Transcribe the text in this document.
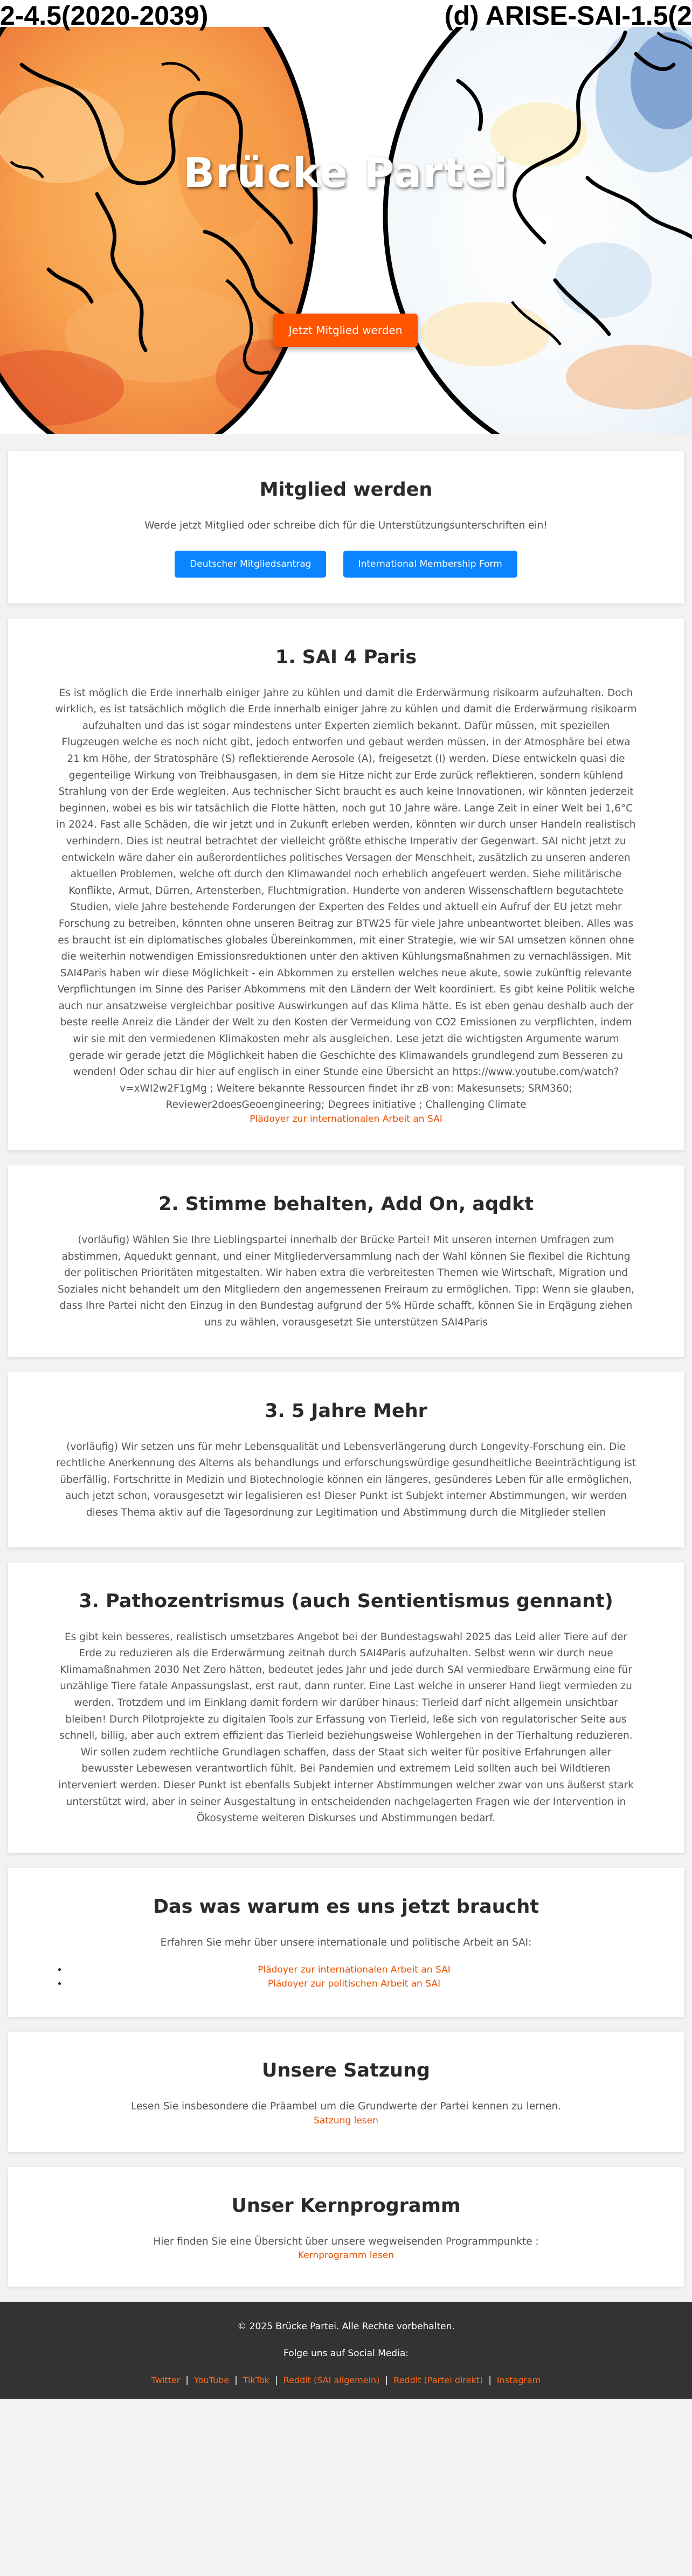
2-4.5(2020-2039)	(d) ARISE-SAI-1.5(2
Brücke Partei
Jetzt Mitglied werden
Mitglied werden

Werde jetzt Mitglied oder schreibe dich für die Unterstützungsunterschriften ein!

Deutscher Mitgliedsantrag	International Membership Form
1. SAI 4 Paris

Es ist möglich die Erde innerhalb einiger Jahre zu kühlen und damit die Erderwärmung risikoarm aufzuhalten. Doch wirklich, es ist tatsächlich möglich die Erde innerhalb einiger Jahre zu kühlen und damit die Erderwärmung risikoarm aufzuhalten und das ist sogar mindestens unter Experten ziemlich bekannt. Dafür müssen, mit speziellen Flugzeugen welche es noch nicht gibt, jedoch entworfen und gebaut werden müssen, in der Atmosphäre bei etwa 21 km Höhe, der Stratosphäre (S) reflektierende Aerosole (A), freigesetzt (I) werden. Diese entwickeln quasi die gegenteilige Wirkung von Treibhausgasen, in dem sie Hitze nicht zur Erde zurück reflektieren, sondern kühlend Strahlung von der Erde wegleiten. Aus technischer Sicht braucht es auch keine Innovationen, wir könnten jederzeit beginnen, wobei es bis wir tatsächlich die Flotte hätten, noch gut 10 Jahre wäre. Lange Zeit in einer Welt bei 1,6°C in 2024. Fast alle Schäden, die wir jetzt und in Zukunft erleben werden, könnten wir durch unser Handeln realistisch verhindern. Dies ist neutral betrachtet der vielleicht größte ethische Imperativ der Gegenwart. SAI nicht jetzt zu entwickeln wäre daher ein außerordentliches politisches Versagen der Menschheit, zusätzlich zu unseren anderen aktuellen Problemen, welche oft durch den Klimawandel noch erheblich angefeuert werden. Siehe militärische Konflikte, Armut, Dürren, Artensterben, Fluchtmigration. Hunderte von anderen Wissenschaftlern begutachtete Studien, viele Jahre bestehende Forderungen der Experten des Feldes und aktuell ein Aufruf der EU jetzt mehr Forschung zu betreiben, könnten ohne unseren Beitrag zur BTW25 für viele Jahre unbeantwortet bleiben. Alles was es braucht ist ein diplomatisches globales Übereinkommen, mit einer Strategie, wie wir SAI umsetzen können ohne die weiterhin notwendigen Emissionsreduktionen unter den aktiven Kühlungsmaßnahmen zu vernachlässigen. Mit SAI4Paris haben wir diese Möglichkeit - ein Abkommen zu erstellen welches neue akute, sowie zukünftig relevante Verpflichtungen im Sinne des Pariser Abkommens mit den Ländern der Welt koordiniert. Es gibt keine Politik welche auch nur ansatzweise vergleichbar positive Auswirkungen auf das Klima hätte. Es ist eben genau deshalb auch der beste reelle Anreiz die Länder der Welt zu den Kosten der Vermeidung von CO2 Emissionen zu verpflichten, indem wir sie mit den vermiedenen Klimakosten mehr als ausgleichen. Lese jetzt die wichtigsten Argumente warum gerade wir gerade jetzt die Möglichkeit haben die Geschichte des Klimawandels grundlegend zum Besseren zu wenden! Oder schau dir hier auf englisch in einer Stunde eine Übersicht an https://www.youtube.com/watch?v=xWI2w2F1gMg ; Weitere bekannte Ressourcen findet ihr zB von: Makesunsets; SRM360; Reviewer2doesGeoengineering; Degrees initiative ; Challenging Climate

Plädoyer zur internationalen Arbeit an SAI
2. Stimme behalten, Add On, aqdkt

(vorläufig) Wählen Sie Ihre Lieblingspartei innerhalb der Brücke Partei! Mit unseren internen Umfragen zum abstimmen, Aquedukt gennant, und einer Mitgliederversammlung nach der Wahl können Sie flexibel die Richtung der politischen Prioritäten mitgestalten. Wir haben extra die verbreitesten Themen wie Wirtschaft, Migration und Soziales nicht behandelt um den Mitgliedern den angemessenen Freiraum zu ermöglichen. Tipp: Wenn sie glauben, dass Ihre Partei nicht den Einzug in den Bundestag aufgrund der 5% Hürde schafft, können Sie in Erqägung ziehen uns zu wählen, vorausgesetzt Sie unterstützen SAI4Paris

3. 5 Jahre Mehr

(vorläufig) Wir setzen uns für mehr Lebensqualität und Lebensverlängerung durch Longevity-Forschung ein. Die rechtliche Anerkennung des Alterns als behandlungs und erforschungswürdige gesundheitliche Beeinträchtigung ist überfällig. Fortschritte in Medizin und Biotechnologie können ein längeres, gesünderes Leben für alle ermöglichen, auch jetzt schon, vorausgesetzt wir legalisieren es! Dieser Punkt ist Subjekt interner Abstimmungen, wir werden dieses Thema aktiv auf die Tagesordnung zur Legitimation und Abstimmung durch die Mitglieder stellen

3. Pathozentrismus (auch Sentientismus gennant)

Es gibt kein besseres, realistisch umsetzbares Angebot bei der Bundestagswahl 2025 das Leid aller Tiere auf der Erde zu reduzieren als die Erderwärmung zeitnah durch SAI4Paris aufzuhalten. Selbst wenn wir durch neue Klimamaßnahmen 2030 Net Zero hätten, bedeutet jedes Jahr und jede durch SAI vermiedbare Erwärmung eine für unzählige Tiere fatale Anpassungslast, erst raut, dann runter. Eine Last welche in unserer Hand liegt vermieden zu werden. Trotzdem und im Einklang damit fordern wir darüber hinaus: Tierleid darf nicht allgemein unsichtbar bleiben! Durch Pilotprojekte zu digitalen Tools zur Erfassung von Tierleid, leße sich von regulatorischer Seite aus schnell, billig, aber auch extrem effizient das Tierleid beziehungsweise Wohlergehen in der Tierhaltung reduzieren. Wir sollen zudem rechtliche Grundlagen schaffen, dass der Staat sich weiter für positive Erfahrungen aller bewusster Lebewesen verantwortlich fühlt. Bei Pandemien und extremem Leid sollten auch bei Wildtieren interveniert werden. Dieser Punkt ist ebenfalls Subjekt interner Abstimmungen welcher zwar von uns äußerst stark unterstützt wird, aber in seiner Ausgestaltung in entscheidenden nachgelagerten Fragen wie der Intervention in Ökosysteme weiteren Diskurses und Abstimmungen bedarf.

Das was warum es uns jetzt braucht

Erfahren Sie mehr über unsere internationale und politische Arbeit an SAI:

• Plädoyer zur internationalen Arbeit an SAI
• Plädoyer zur politischen Arbeit an SAI
Unsere Satzung

Lesen Sie insbesondere die Präambel um die Grundwerte der Partei kennen zu lernen.

Satzung lesen
Unser Kernprogramm

Hier finden Sie eine Übersicht über unsere wegweisenden Programmpunkte :

Kernprogramm lesen
© 2025 Brücke Partei. Alle Rechte vorbehalten.
Folge uns auf Social Media:
Twitter | YouTube | TikTok | Reddit (SAI allgemein) | Reddit (Partei direkt) | Instagram
